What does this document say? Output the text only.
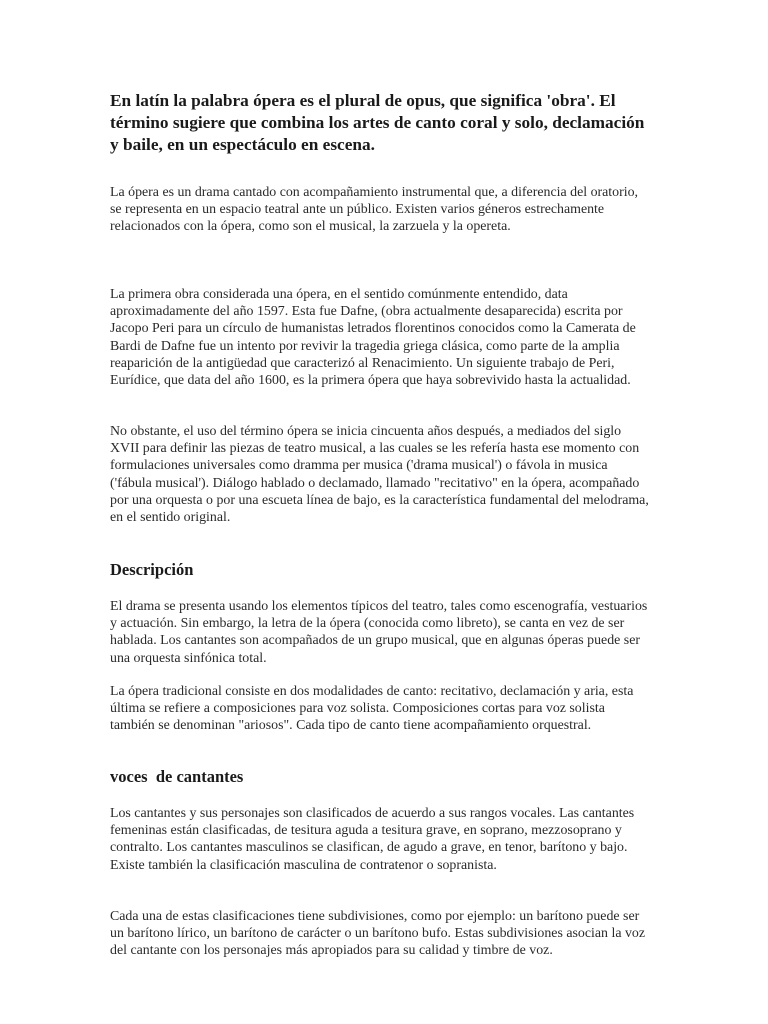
En latín la palabra ópera es el plural de opus, que significa 'obra'. El término sugiere que combina los artes de canto coral y solo, declamación y baile, en un espectáculo en escena.

La ópera es un drama cantado con acompañamiento instrumental que, a diferencia del oratorio, se representa en un espacio teatral ante un público. Existen varios géneros estrechamente relacionados con la ópera, como son el musical, la zarzuela y la opereta.

La primera obra considerada una ópera, en el sentido comúnmente entendido, data aproximadamente del año 1597. Esta fue Dafne, (obra actualmente desaparecida) escrita por Jacopo Peri para un círculo de humanistas letrados florentinos conocidos como la Camerata de Bardi de Dafne fue un intento por revivir la tragedia griega clásica, como parte de la amplia reaparición de la antigüedad que caracterizó al Renacimiento. Un siguiente trabajo de Peri, Eurídice, que data del año 1600, es la primera ópera que haya sobrevivido hasta la actualidad.

No obstante, el uso del término ópera se inicia cincuenta años después, a mediados del siglo XVII para definir las piezas de teatro musical, a las cuales se les refería hasta ese momento con formulaciones universales como dramma per musica ('drama musical') o fávola in musica ('fábula musical'). Diálogo hablado o declamado, llamado "recitativo" en la ópera, acompañado por una orquesta o por una escueta línea de bajo, es la característica fundamental del melodrama, en el sentido original.

Descripción

El drama se presenta usando los elementos típicos del teatro, tales como escenografía, vestuarios y actuación. Sin embargo, la letra de la ópera (conocida como libreto), se canta en vez de ser hablada. Los cantantes son acompañados de un grupo musical, que en algunas óperas puede ser una orquesta sinfónica total.

La ópera tradicional consiste en dos modalidades de canto: recitativo, declamación y aria, esta última se refiere a composiciones para voz solista. Composiciones cortas para voz solista también se denominan "ariosos". Cada tipo de canto tiene acompañamiento orquestral.

voces  de cantantes

Los cantantes y sus personajes son clasificados de acuerdo a sus rangos vocales. Las cantantes femeninas están clasificadas, de tesitura aguda a tesitura grave, en soprano, mezzosoprano y contralto. Los cantantes masculinos se clasifican, de agudo a grave, en tenor, barítono y bajo. Existe también la clasificación masculina de contratenor o sopranista.

Cada una de estas clasificaciones tiene subdivisiones, como por ejemplo: un barítono puede ser un barítono lírico, un barítono de carácter o un barítono bufo. Estas subdivisiones asocian la voz del cantante con los personajes más apropiados para su calidad y timbre de voz.
